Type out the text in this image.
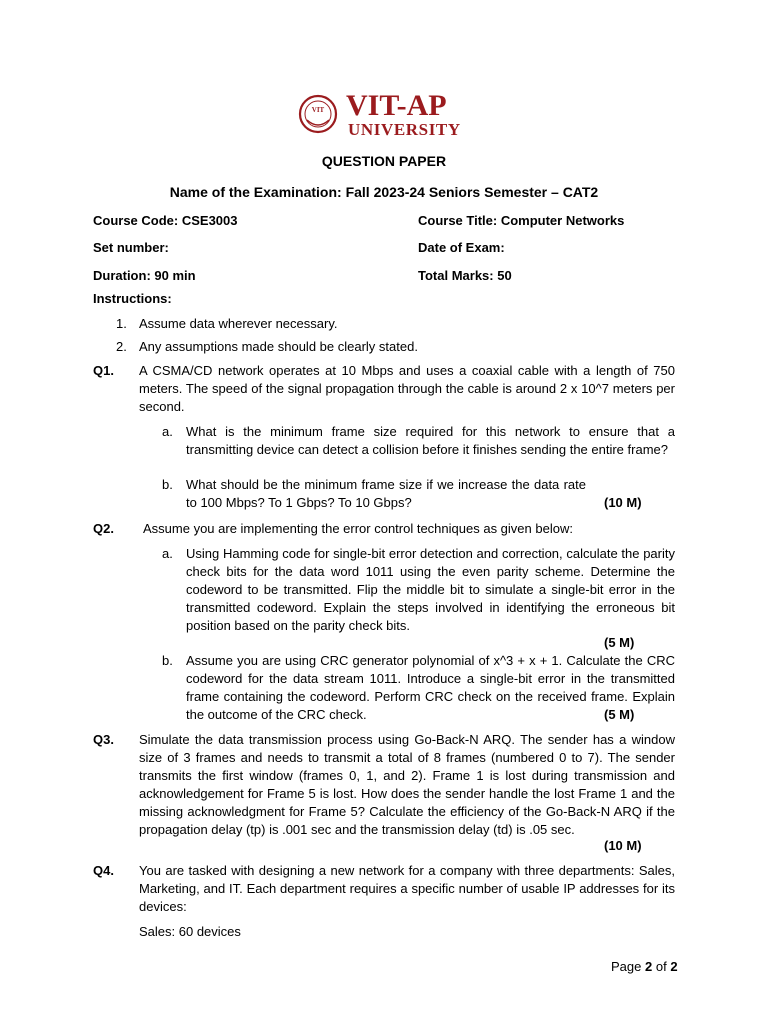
VIT VIT-AP
UNIVERSITY
QUESTION PAPER
Name of the Examination: Fall 2023-24 Seniors Semester – CAT2
Course Code: CSE3003	Course Title: Computer Networks
Set number:	Date of Exam:
Duration: 90 min	Total Marks: 50
Instructions:
1. Assume data wherever necessary.
2. Any assumptions made should be clearly stated.
Q1. A CSMA/CD network operates at 10 Mbps and uses a coaxial cable with a length of 750 meters. The speed of the signal propagation through the cable is around 2 x 10^7 meters per second.
a. What is the minimum frame size required for this network to ensure that a transmitting device can detect a collision before it finishes sending the entire frame?
b. What should be the minimum frame size if we increase the data rate to 100 Mbps? To 1 Gbps? To 10 Gbps?	(10 M)
Q2. Assume you are implementing the error control techniques as given below:
a. Using Hamming code for single-bit error detection and correction, calculate the parity check bits for the data word 1011 using the even parity scheme. Determine the codeword to be transmitted. Flip the middle bit to simulate a single-bit error in the transmitted codeword. Explain the steps involved in identifying the erroneous bit position based on the parity check bits.
(5 M)
b. Assume you are using CRC generator polynomial of x^3 + x + 1. Calculate the CRC codeword for the data stream 1011. Introduce a single-bit error in the transmitted frame containing the codeword. Perform CRC check on the received frame. Explain the outcome of the CRC check.	(5 M)
Q3. Simulate the data transmission process using Go-Back-N ARQ. The sender has a window size of 3 frames and needs to transmit a total of 8 frames (numbered 0 to 7). The sender transmits the first window (frames 0, 1, and 2). Frame 1 is lost during transmission and acknowledgement for Frame 5 is lost. How does the sender handle the lost Frame 1 and the missing acknowledgment for Frame 5? Calculate the efficiency of the Go-Back-N ARQ if the propagation delay (tp) is .001 sec and the transmission delay (td) is .05 sec.
(10 M)
Q4. You are tasked with designing a new network for a company with three departments: Sales, Marketing, and IT. Each department requires a specific number of usable IP addresses for its devices:
Sales: 60 devices
Page 2 of 2
